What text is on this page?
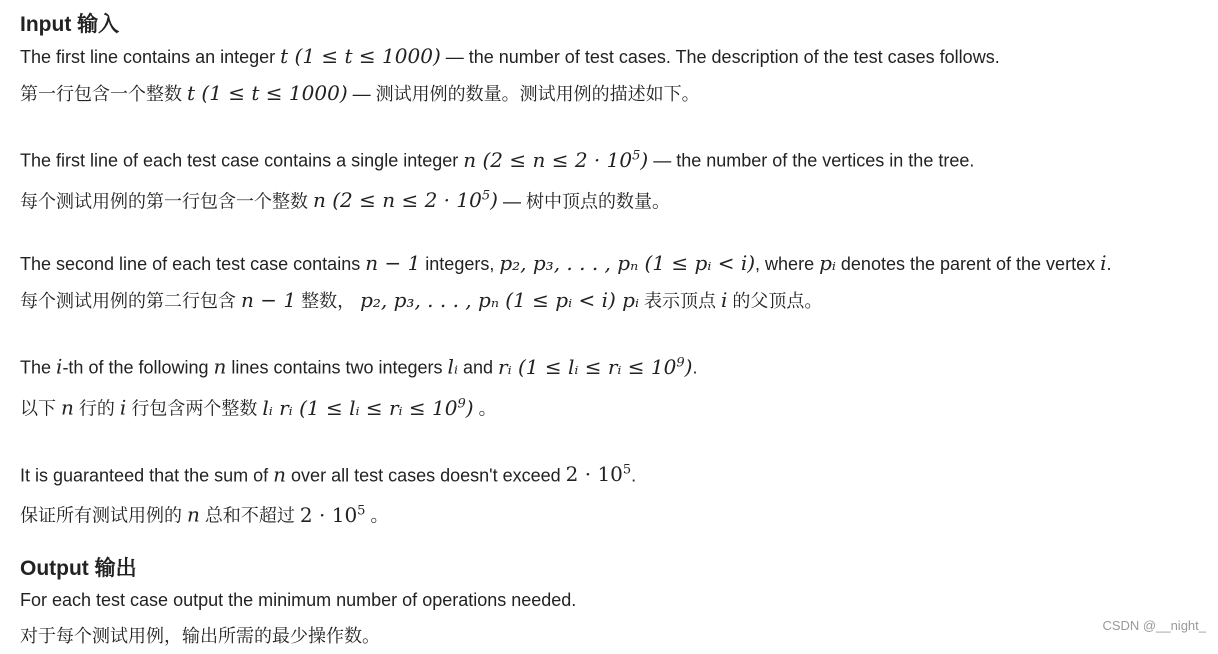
Input 输入

The first line contains an integer t (1 ≤ t ≤ 1000) — the number of test cases. The description of the test cases follows.

第一行包含一个整数 t (1 ≤ t ≤ 1000) — 测试用例的数量。测试用例的描述如下。

The first line of each test case contains a single integer n $(2 \le n \le 2 \cdot 10^5)$ — the number of the vertices in the tree.

每个测试用例的第一行包含一个整数 n $(2 \le n \le 2 \cdot 10^5)$ — 树中顶点的数量。

The second line of each test case contains n − 1 integers, p₂, p₃, . . . , pₙ (1 ≤ pᵢ < i), where pᵢ denotes the parent of the vertex i.

每个测试用例的第二行包含 n − 1 整数， p₂, p₃, . . . , pₙ (1 ≤ pᵢ < i) pᵢ 表示顶点 i 的父顶点。

The i-th of the following n lines contains two integers lᵢ and rᵢ (1 ≤ lᵢ ≤ rᵢ ≤ $10^9$).

以下 n 行的 i 行包含两个整数 lᵢ rᵢ (1 ≤ lᵢ ≤ rᵢ ≤ $10^9$) 。

It is guaranteed that the sum of n over all test cases doesn't exceed $2 \cdot 10^5$.

保证所有测试用例的 n 总和不超过 $2 \cdot 10^5$ 。

Output 输出

For each test case output the minimum number of operations needed.

对于每个测试用例，输出所需的最少操作数。

CSDN @__night_
